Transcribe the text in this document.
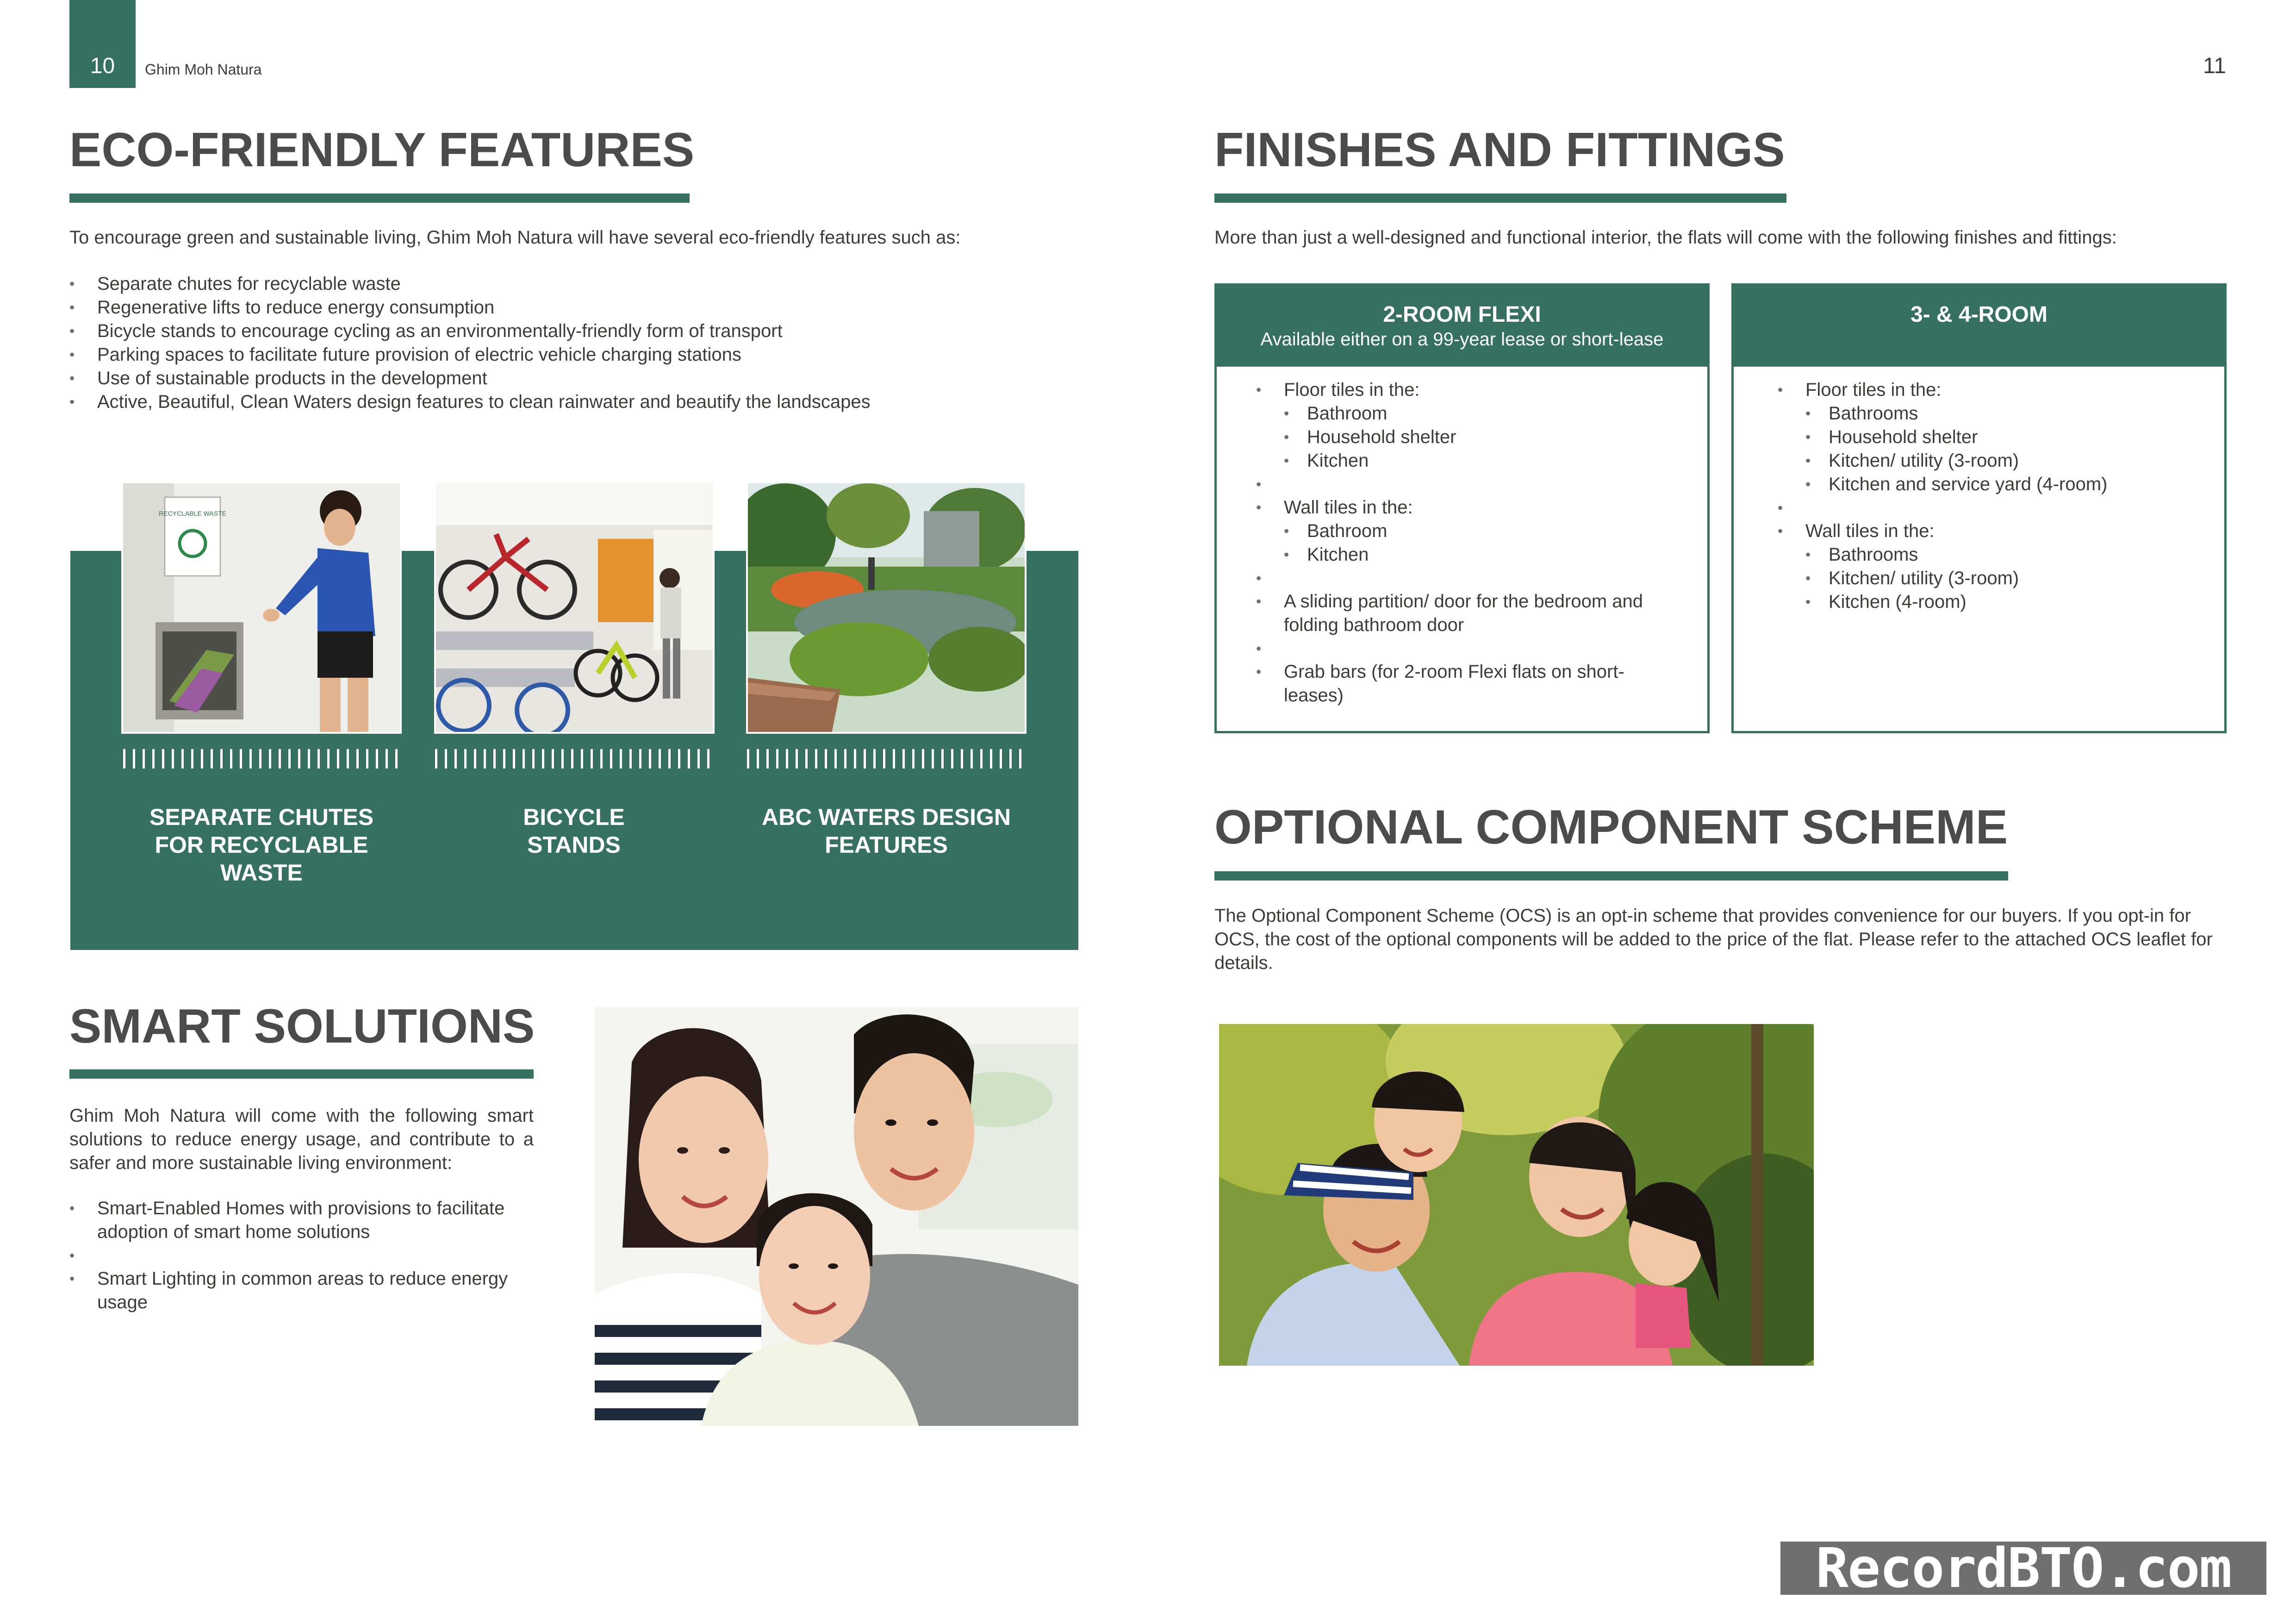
10	Ghim Moh Natura	11
ECO-FRIENDLY FEATURES
To encourage green and sustainable living, Ghim Moh Natura will have several eco-friendly features such as:
• Separate chutes for recyclable waste
• Regenerative lifts to reduce energy consumption
• Bicycle stands to encourage cycling as an environmentally-friendly form of transport
• Parking spaces to facilitate future provision of electric vehicle charging stations
• Use of sustainable products in the development
• Active, Beautiful, Clean Waters design features to clean rainwater and beautify the landscapes
RECYCLABLE WASTE
SEPARATE CHUTES
FOR RECYCLABLE
WASTE
BICYCLE
STANDS
ABC WATERS DESIGN
FEATURES
SMART SOLUTIONS
Ghim Moh Natura will come with the following smart solutions to reduce energy usage, and contribute to a safer and more sustainable living environment:
• Smart-Enabled Homes with provisions to facilitate adoption of smart home solutions
•
• Smart Lighting in common areas to reduce energy usage
FINISHES AND FITTINGS
More than just a well-designed and functional interior, the flats will come with the following finishes and fittings:
2-ROOM FLEXI
Available either on a 99-year lease or short-lease
• Floor tiles in the:
• Bathroom
• Household shelter
• Kitchen
•
• Wall tiles in the:
• Bathroom
• Kitchen
•
• A sliding partition/ door for the bedroom and folding bathroom door
•
• Grab bars (for 2-room Flexi flats on short-leases)
3- & 4-ROOM
• Floor tiles in the:
• Bathrooms
• Household shelter
• Kitchen/ utility (3-room)
• Kitchen and service yard (4-room)
•
• Wall tiles in the:
• Bathrooms
• Kitchen/ utility (3-room)
• Kitchen (4-room)
OPTIONAL COMPONENT SCHEME
The Optional Component Scheme (OCS) is an opt-in scheme that provides convenience for our buyers. If you opt-in for OCS, the cost of the optional components will be added to the price of the flat. Please refer to the attached OCS leaflet for details.
RecordBTO.com
